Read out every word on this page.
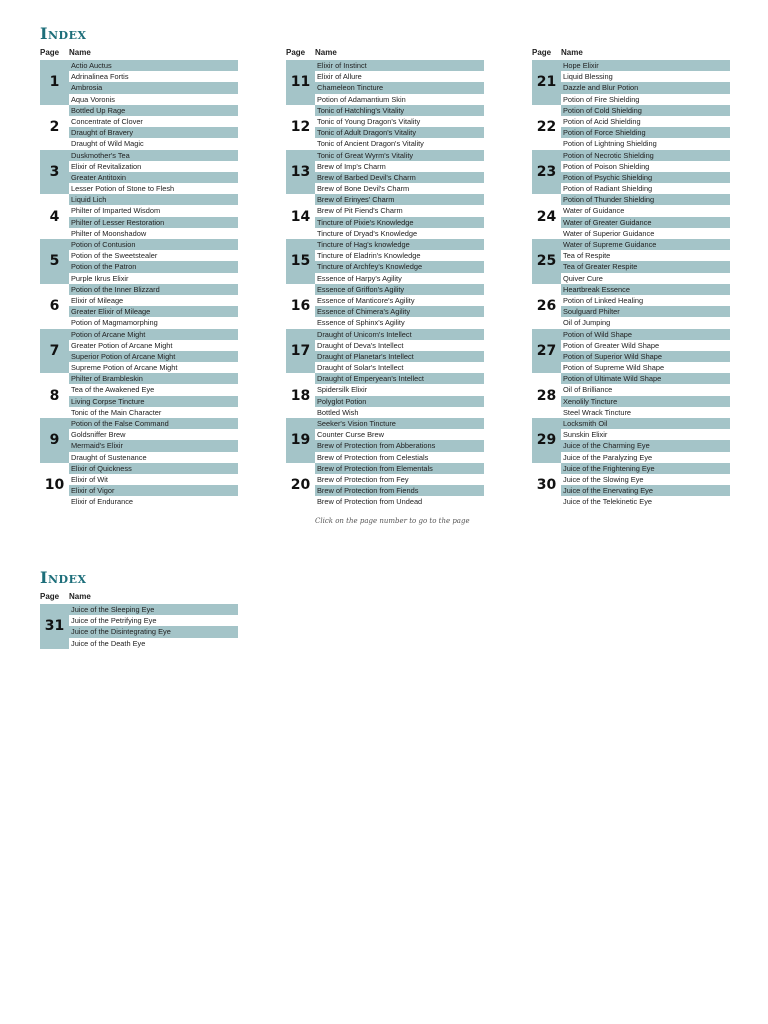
Index
Index
Page Name
1
Actio Auctus
Adrinalinea Fortis
Ambrosia
Aqua Voronis
2
Bottled Up Rage
Concentrate of Clover
Draught of Bravery
Draught of Wild Magic
3
Duskmother's Tea
Elixir of Revitalization
Greater Antitoxin
Lesser Potion of Stone to Flesh
4
Liquid Lich
Philter of Imparted Wisdom
Philter of Lesser Restoration
Philter of Moonshadow
5
Potion of Contusion
Potion of the Sweetstealer
Potion of the Patron
Purple Ikrus Elixir
6
Potion of the Inner Blizzard
Elixir of Mileage
Greater Elixir of Mileage
Potion of Magmamorphing
7
Potion of Arcane Might
Greater Potion of Arcane Might
Superior Potion of Arcane Might
Supreme Potion of Arcane Might
8
Philter of Brambleskin
Tea of the Awakened Eye
Living Corpse Tincture
Tonic of the Main Character
9
Potion of the False Command
Goldsniffer Brew
Mermaid's Elixir
Draught of Sustenance
10
Elixir of Quickness
Elixir of Wit
Elixir of Vigor
Elixir of Endurance
Page Name
11
Elixir of Instinct
Elixir of Allure
Chameleon Tincture
Potion of Adamantium Skin
12
Tonic of Hatchling's Vitality
Tonic of Young Dragon's Vitality
Tonic of Adult Dragon's Vitality
Tonic of Ancient Dragon's Vitality
13
Tonic of Great Wyrm's Vitality
Brew of Imp's Charm
Brew of Barbed Devil's Charm
Brew of Bone Devil's Charm
14
Brew of Erinyes' Charm
Brew of Pit Fiend's Charm
Tincture of Pixie's Knowledge
Tincture of Dryad's Knowledge
15
Tincture of Hag's knowledge
Tincture of Eladrin's Knowledge
Tincture of Archfey's Knowledge
Essence of Harpy's Agility
16
Essence of Griffon's Agility
Essence of Manticore's Agility
Essence of Chimera's Agility
Essence of Sphinx's Agility
17
Draught of Unicorn's Intellect
Draught of Deva's Intellect
Draught of Planetar's Intellect
Draught of Solar's Intellect
18
Draught of Emperyean's Intellect
Spidersilk Elixir
Polyglot Potion
Bottled Wish
19
Seeker's Vision Tincture
Counter Curse Brew
Brew of Protection from Abberations
Brew of Protection from Celestials
20
Brew of Protection from Elementals
Brew of Protection from Fey
Brew of Protection from Fiends
Brew of Protection from Undead
Page Name
21
Hope Elixir
Liquid Blessing
Dazzle and Blur Potion
Potion of Fire Shielding
22
Potion of Cold Shielding
Potion of Acid Shielding
Potion of Force Shielding
Potion of Lightning Shielding
23
Potion of Necrotic Shielding
Potion of Poison Shielding
Potion of Psychic Shielding
Potion of Radiant Shielding
24
Potion of Thunder Shielding
Water of Guidance
Water of Greater Guidance
Water of Superior Guidance
25
Water of Supreme Guidance
Tea of Respite
Tea of Greater Respite
Quiver Cure
26
Heartbreak Essence
Potion of Linked Healing
Soulguard Philter
Oil of Jumping
27
Potion of Wild Shape
Potion of Greater Wild Shape
Potion of Superior Wild Shape
Potion of Supreme Wild Shape
28
Potion of Ultimate Wild Shape
Oil of Brilliance
Xenolily Tincture
Steel Wrack Tincture
29
Locksmith Oil
Sunskin Elixir
Juice of the Charming Eye
Juice of the Paralyzing Eye
30
Juice of the Frightening Eye
Juice of the Slowing Eye
Juice of the Enervating Eye
Juice of the Telekinetic Eye
Page Name
31
Juice of the Sleeping Eye
Juice of the Petrifying Eye
Juice of the Disintegrating Eye
Juice of the Death Eye
Click on the page number to go to the page
